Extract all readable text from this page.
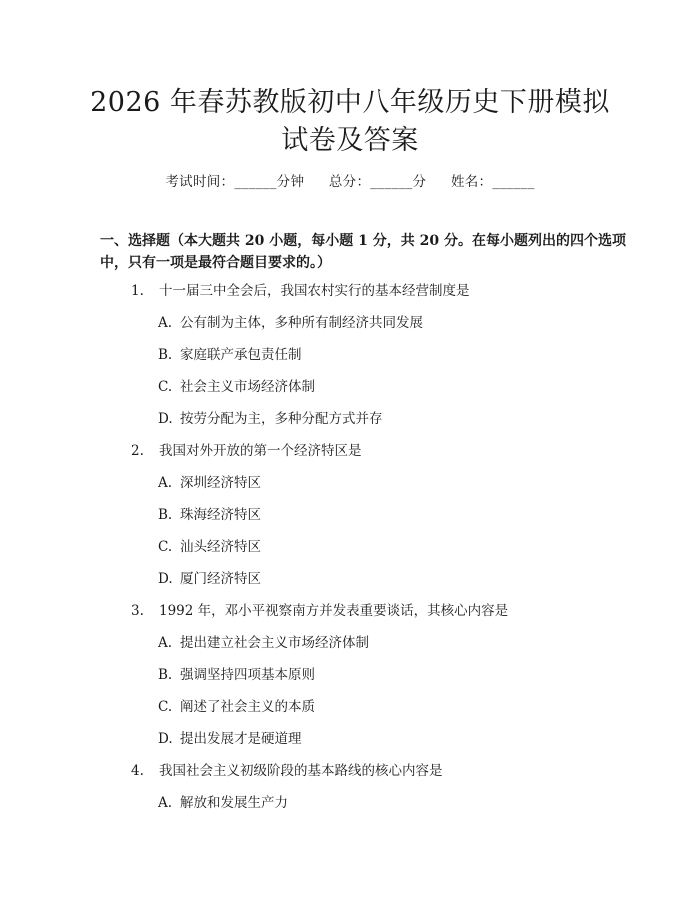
2026 年春苏教版初中八年级历史下册模拟试卷及答案
考试时间：______分钟 总分：______分 姓名：______

一、选择题（本大题共 20 小题，每小题 1 分，共 20 分。在每小题列出的四个选项中，只有一项是最符合题目要求的。）

1. 十一届三中全会后，我国农村实行的基本经营制度是
A. 公有制为主体，多种所有制经济共同发展
B. 家庭联产承包责任制
C. 社会主义市场经济体制
D. 按劳分配为主，多种分配方式并存
2. 我国对外开放的第一个经济特区是
A. 深圳经济特区
B. 珠海经济特区
C. 汕头经济特区
D. 厦门经济特区
3. 1992 年，邓小平视察南方并发表重要谈话，其核心内容是
A. 提出建立社会主义市场经济体制
B. 强调坚持四项基本原则
C. 阐述了社会主义的本质
D. 提出发展才是硬道理
4. 我国社会主义初级阶段的基本路线的核心内容是
A. 解放和发展生产力
